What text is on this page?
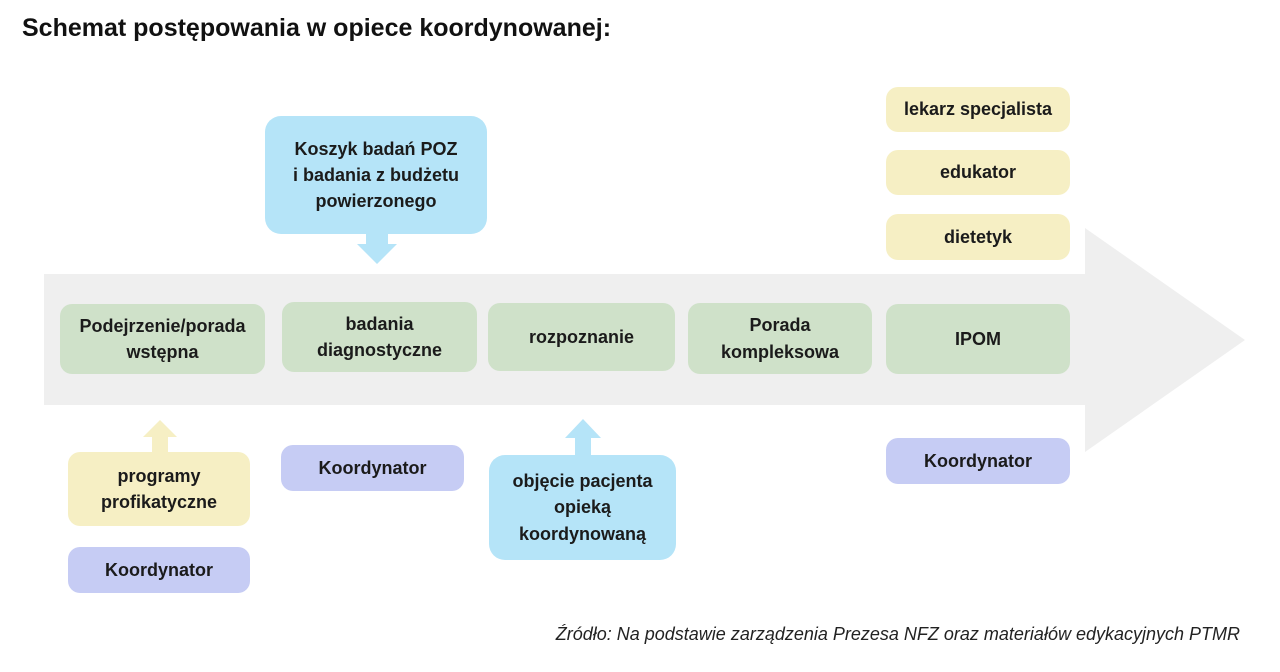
Schemat postępowania w opiece koordynowanej:
Koszyk badań POZ
i badania z budżetu
powierzonego
lekarz specjalista
edukator
dietetyk
Podejrzenie/porada wstępna
badania diagnostyczne
rozpoznanie
Porada kompleksowa
IPOM
programy
profikatyczne
Koordynator
Koordynator
objęcie pacjenta
opieką
koordynowaną
Koordynator
Źródło: Na podstawie zarządzenia Prezesa NFZ oraz materiałów edykacyjnych PTMR
